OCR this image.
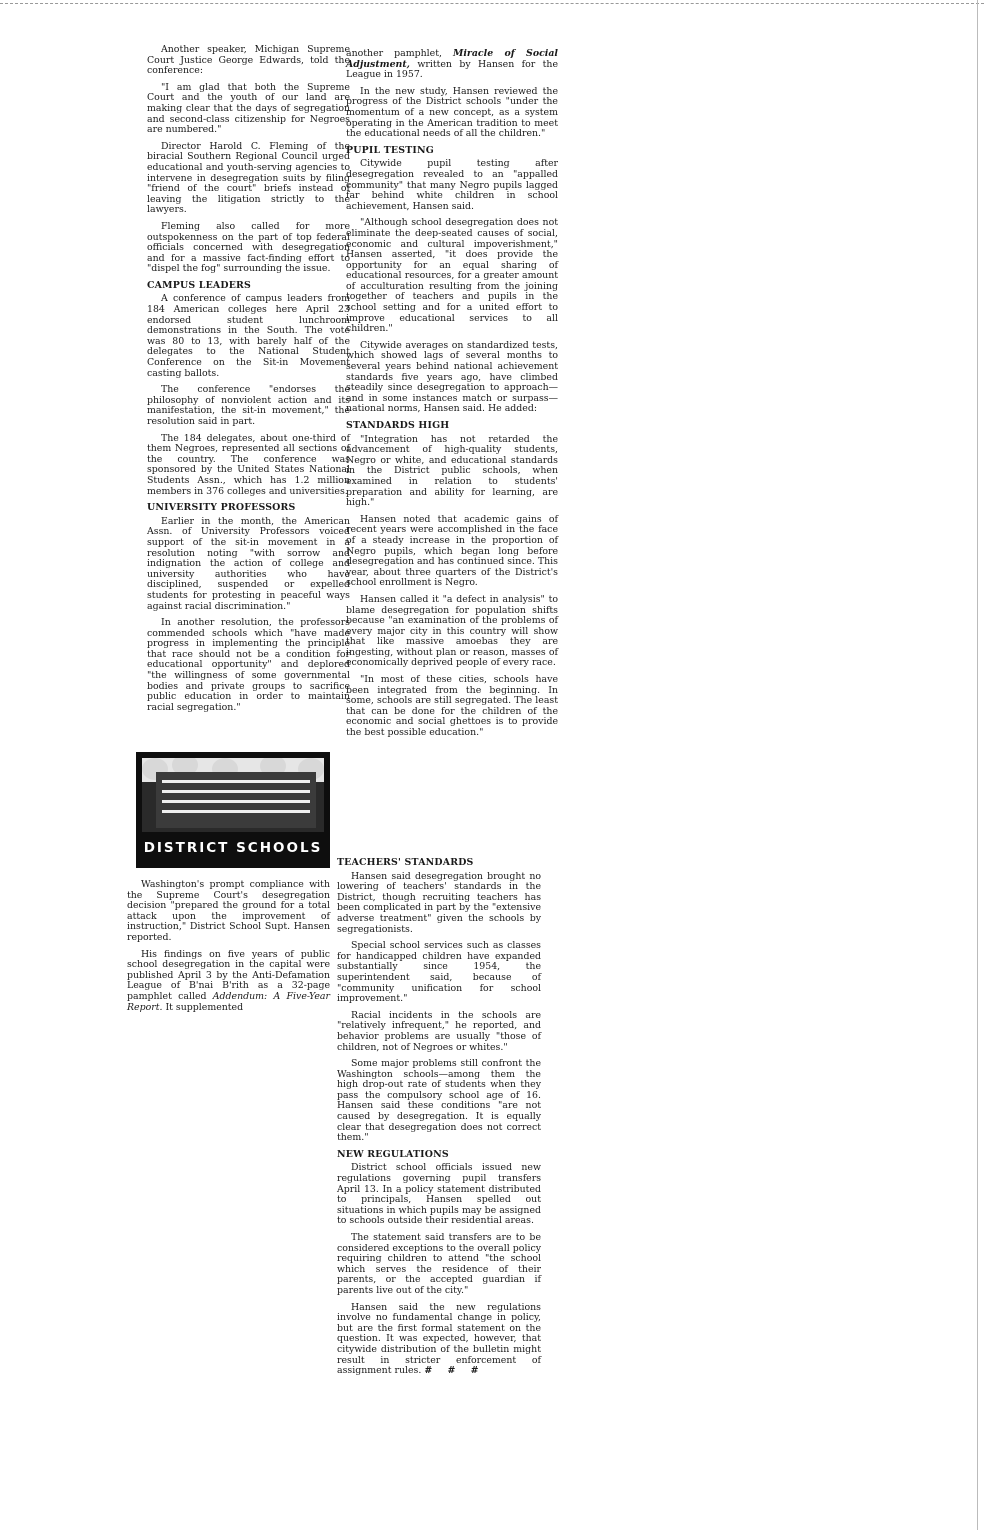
Another speaker, Michigan Supreme Court Justice George Edwards, told the conference:

"I am glad that both the Supreme Court and the youth of our land are making clear that the days of segregation and second-class citizenship for Negroes are numbered."

Director Harold C. Fleming of the biracial Southern Regional Council urged educational and youth-serving agencies to intervene in desegregation suits by filing "friend of the court" briefs instead of leaving the litigation strictly to the lawyers.

Fleming also called for more outspokenness on the part of top federal officials concerned with desegregation and for a massive fact-finding effort to "dispel the fog" surrounding the issue.

CAMPUS LEADERS

A conference of campus leaders from 184 American colleges here April 23 endorsed student lunchroom demonstrations in the South. The vote was 80 to 13, with barely half of the delegates to the National Student Conference on the Sit-in Movement casting ballots.

The conference "endorses the philosophy of nonviolent action and its manifestation, the sit-in movement," the resolution said in part.

The 184 delegates, about one-third of them Negroes, represented all sections of the country. The conference was sponsored by the United States National Students Assn., which has 1.2 million members in 376 colleges and universities.

UNIVERSITY PROFESSORS

Earlier in the month, the American Assn. of University Professors voiced support of the sit-in movement in a resolution noting "with sorrow and indignation the action of college and university authorities who have disciplined, suspended or expelled students for protesting in peaceful ways against racial discrimination."

In another resolution, the professors commended schools which "have made progress in implementing the principle that race should not be a condition for educational opportunity" and deplored "the willingness of some governmental bodies and private groups to sacrifice public education in order to maintain racial segregation."

DISTRICT SCHOOLS

Washington's prompt compliance with the Supreme Court's desegregation decision "prepared the ground for a total attack upon the improvement of instruction," District School Supt. Hansen reported.

His findings on five years of public school desegregation in the capital were published April 3 by the Anti-Defamation League of B'nai B'rith as a 32-page pamphlet called Addendum: A Five-Year Report. It supplemented

another pamphlet, Miracle of Social Adjustment, written by Hansen for the League in 1957.

In the new study, Hansen reviewed the progress of the District schools "under the momentum of a new concept, as a system operating in the American tradition to meet the educational needs of all the children."

PUPIL TESTING

Citywide pupil testing after desegregation revealed to an "appalled community" that many Negro pupils lagged far behind white children in school achievement, Hansen said.

"Although school desegregation does not eliminate the deep-seated causes of social, economic and cultural impoverishment," Hansen asserted, "it does provide the opportunity for an equal sharing of educational resources, for a greater amount of acculturation resulting from the joining together of teachers and pupils in the school setting and for a united effort to improve educational services to all children."

Citywide averages on standardized tests, which showed lags of several months to several years behind national achievement standards five years ago, have climbed steadily since desegregation to approach—and in some instances match or surpass—national norms, Hansen said. He added:

STANDARDS HIGH

"Integration has not retarded the advancement of high-quality students, Negro or white, and educational standards in the District public schools, when examined in relation to students' preparation and ability for learning, are high."

Hansen noted that academic gains of recent years were accomplished in the face of a steady increase in the proportion of Negro pupils, which began long before desegregation and has continued since. This year, about three quarters of the District's school enrollment is Negro.

Hansen called it "a defect in analysis" to blame desegregation for population shifts because "an examination of the problems of every major city in this country will show that like massive amoebas they are ingesting, without plan or reason, masses of economically deprived people of every race.

"In most of these cities, schools have been integrated from the beginning. In some, schools are still segregated. The least that can be done for the children of the economic and social ghettoes is to provide the best possible education."

TEACHERS' STANDARDS

Hansen said desegregation brought no lowering of teachers' standards in the District, though recruiting teachers has been complicated in part by the "extensive adverse treatment" given the schools by segregationists.

Special school services such as classes for handicapped children have expanded substantially since 1954, the superintendent said, because of "community unification for school improvement."

Racial incidents in the schools are "relatively infrequent," he reported, and behavior problems are usually "those of children, not of Negroes or whites."

Some major problems still confront the Washington schools—among them the high drop-out rate of students when they pass the compulsory school age of 16. Hansen said these conditions "are not caused by desegregation. It is equally clear that desegregation does not correct them."

NEW REGULATIONS

District school officials issued new regulations governing pupil transfers April 13. In a policy statement distributed to principals, Hansen spelled out situations in which pupils may be assigned to schools outside their residential areas.

The statement said transfers are to be considered exceptions to the overall policy requiring children to attend "the school which serves the residence of their parents, or the accepted guardian if parents live out of the city."

Hansen said the new regulations involve no fundamental change in policy, but are the first formal statement on the question. It was expected, however, that citywide distribution of the bulletin might result in stricter enforcement of assignment rules. # # #
